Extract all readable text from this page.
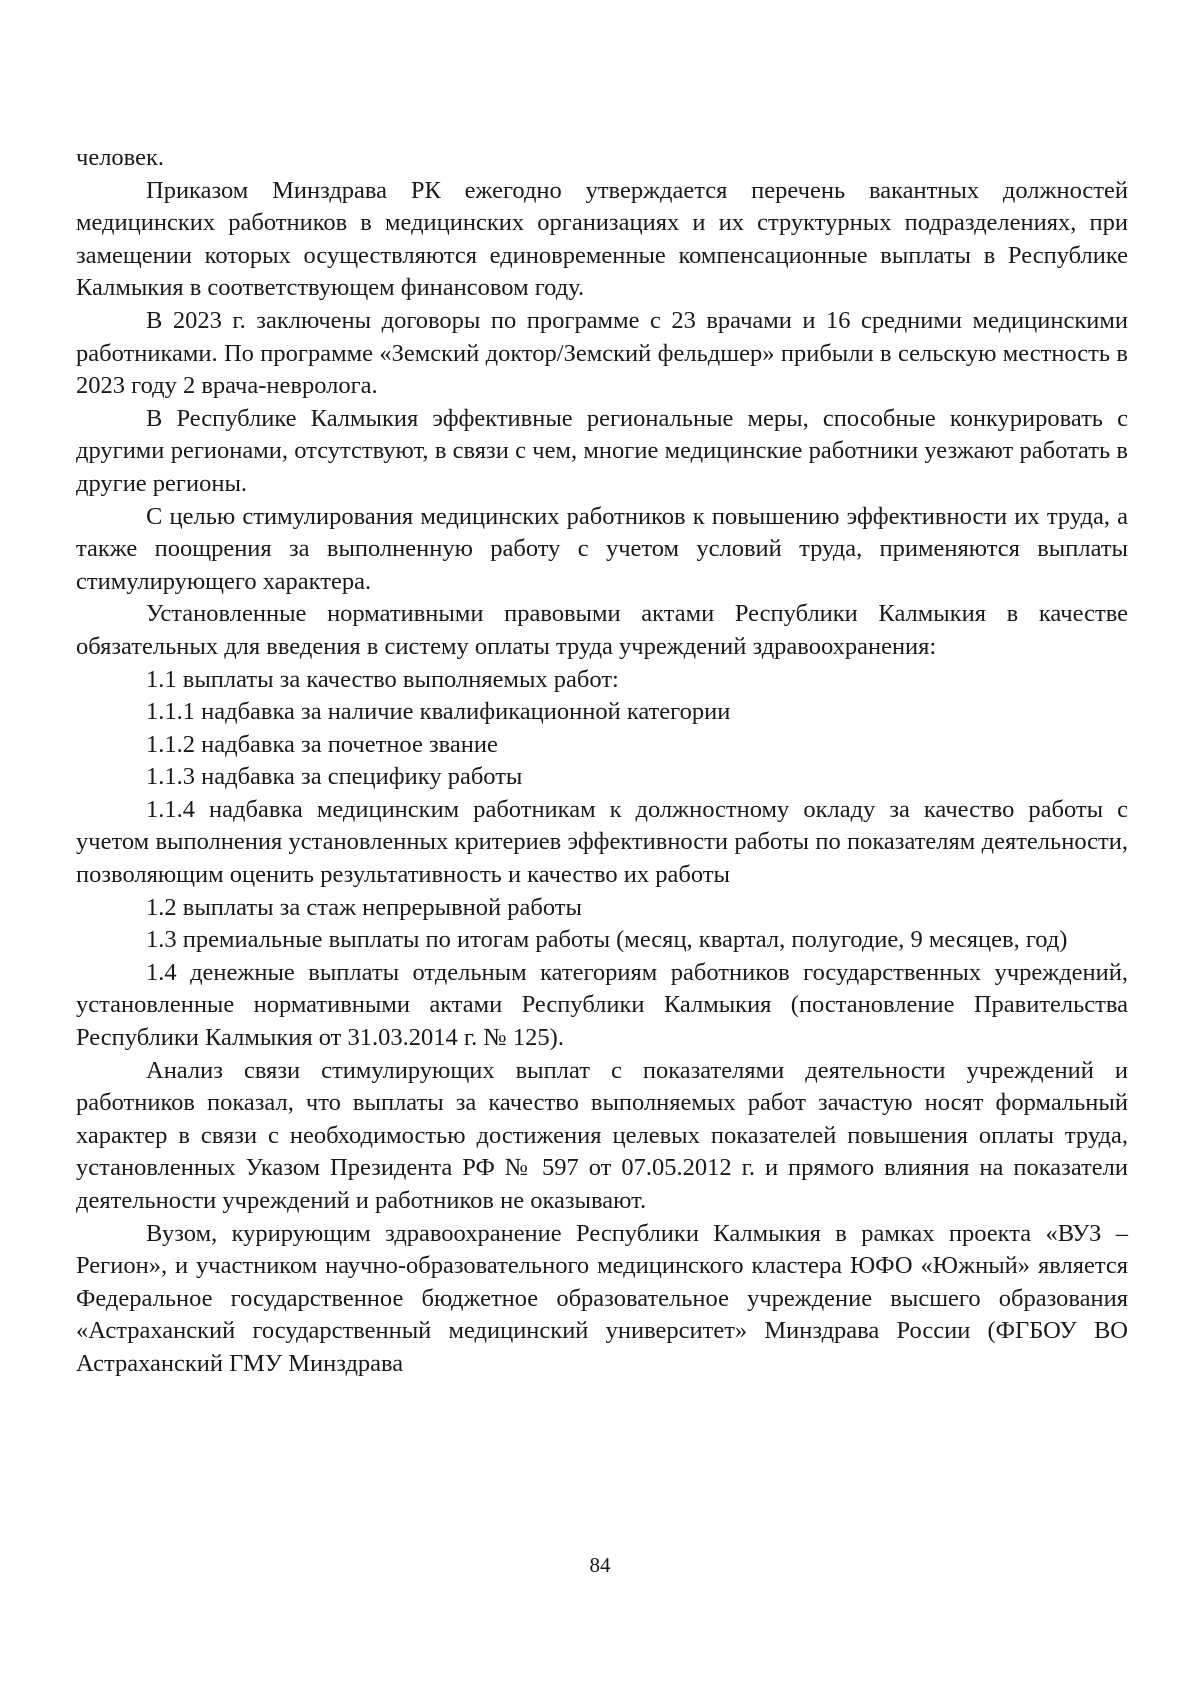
человек.

Приказом Минздрава РК ежегодно утверждается перечень вакантных должностей медицинских работников в медицинских организациях и их структурных подразделениях, при замещении которых осуществляются единовременные компенсационные выплаты в Республике Калмыкия в соответствующем финансовом году.

В 2023 г. заключены договоры по программе с 23 врачами и 16 средними медицинскими работниками. По программе «Земский доктор/Земский фельдшер» прибыли в сельскую местность в 2023 году 2 врача-невролога.

В Республике Калмыкия эффективные региональные меры, способные конкурировать с другими регионами, отсутствуют, в связи с чем, многие медицинские работники уезжают работать в другие регионы.

С целью стимулирования медицинских работников к повышению эффективности их труда, а также поощрения за выполненную работу с учетом условий труда, применяются выплаты стимулирующего характера.

Установленные нормативными правовыми актами Республики Калмыкия в качестве обязательных для введения в систему оплаты труда учреждений здравоохранения:

1.1 выплаты за качество выполняемых работ:

1.1.1 надбавка за наличие квалификационной категории

1.1.2 надбавка за почетное звание

1.1.3 надбавка за специфику работы

1.1.4 надбавка медицинским работникам к должностному окладу за качество работы с учетом выполнения установленных критериев эффективности работы по показателям деятельности, позволяющим оценить результативность и качество их работы

1.2 выплаты за стаж непрерывной работы

1.3 премиальные выплаты по итогам работы (месяц, квартал, полугодие, 9 месяцев, год)

1.4 денежные выплаты отдельным категориям работников государственных учреждений, установленные нормативными актами Республики Калмыкия (постановление Правительства Республики Калмыкия от 31.03.2014 г. № 125).

Анализ связи стимулирующих выплат с показателями деятельности учреждений и работников показал, что выплаты за качество выполняемых работ зачастую носят формальный характер в связи с необходимостью достижения целевых показателей повышения оплаты труда, установленных Указом Президента РФ № 597 от 07.05.2012 г. и прямого влияния на показатели деятельности учреждений и работников не оказывают.

Вузом, курирующим здравоохранение Республики Калмыкия в рамках проекта «ВУЗ – Регион», и участником научно-образовательного медицинского кластера ЮФО «Южный» является Федеральное государственное бюджетное образовательное учреждение высшего образования «Астраханский государственный медицинский университет» Минздрава России (ФГБОУ ВО Астраханский ГМУ Минздрава

84
